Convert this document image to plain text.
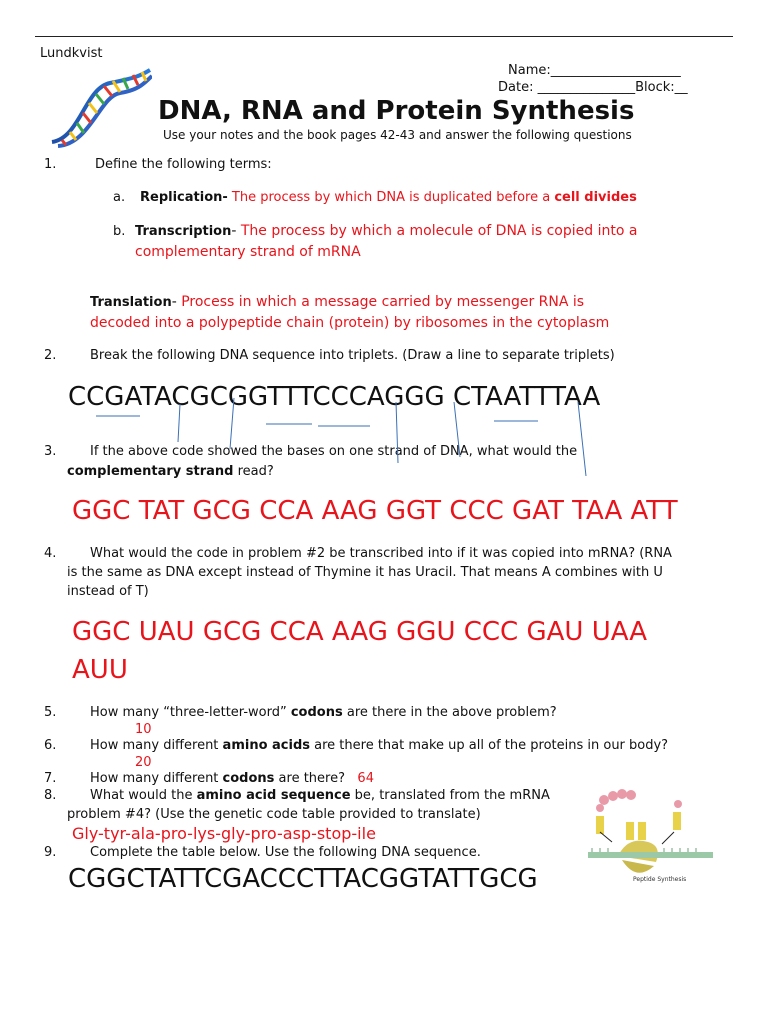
Lundkvist
Name:____________________
Date: _______________Block:__
DNA, RNA and Protein Synthesis
Use your notes and the book pages 42-43 and answer the following questions
1.	Define the following terms:
a. Replication- The process by which DNA is duplicated before a cell divides
b. Transcription- The process by which a molecule of DNA is copied into a
complementary strand of mRNA
Translation- Process in which a message carried by messenger RNA is
decoded into a polypeptide chain (protein) by ribosomes in the cytoplasm
2.	Break the following DNA sequence into triplets. (Draw a line to separate triplets)
CCGATACGCGGTTTCCCAGGG CTAATTTAA
3.	If the above code showed the bases on one strand of DNA, what would the
complementary strand read?
GGC TAT GCG CCA AAG GGT CCC GAT TAA ATT
4.	What would the code in problem #2 be transcribed into if it was copied into mRNA? (RNA
is the same as DNA except instead of Thymine it has Uracil. That means A combines with U
instead of T)
GGC UAU GCG CCA AAG GGU CCC GAU UAA
AUU
5.	How many “three-letter-word” codons are there in the above problem?
10
6.	How many different amino acids are there that make up all of the proteins in our body?
20
7.	How many different codons are there? 64
8.	What would the amino acid sequence be, translated from the mRNA
problem #4? (Use the genetic code table provided to translate)
Gly-tyr-ala-pro-lys-gly-pro-asp-stop-ile
9.	Complete the table below. Use the following DNA sequence.
CGGCTATTCGACCCTTACGGTATTGCG	Peptide Synthesis
